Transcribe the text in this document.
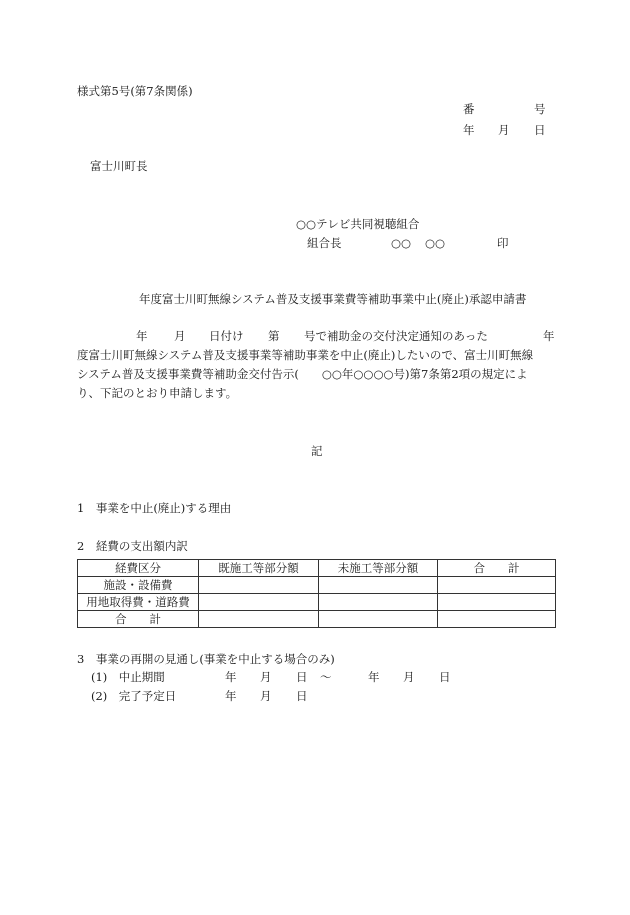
様式第5号(第7条関係)
番	号
年 月 日
富士川町長
○○テレビ共同視聴組合
組合長	○○ ○○	印
年度富士川町無線システム普及支援事業費等補助事業中止(廃止)承認申請書
年 月 日付け 第 号で補助金の交付決定通知のあった	年
度富士川町無線システム普及支援事業等補助事業を中止(廃止)したいので、富士川町無線
システム普及支援事業費等補助金交付告示(　　○○年○○○○号)第7条第2項の規定によ
り、下記のとおり申請します。
記
1　事業を中止(廃止)する理由
2　経費の支出額内訳
経費区分	既施工等部分額	未施工等部分額	合　　計
施設・設備費			
用地取得費・道路費			
合　　計			
3　事業の再開の見通し(事業を中止する場合のみ)
(1)　中止期間	年 月 日 ～	年 月 日
(2)　完了予定日	年 月 日
